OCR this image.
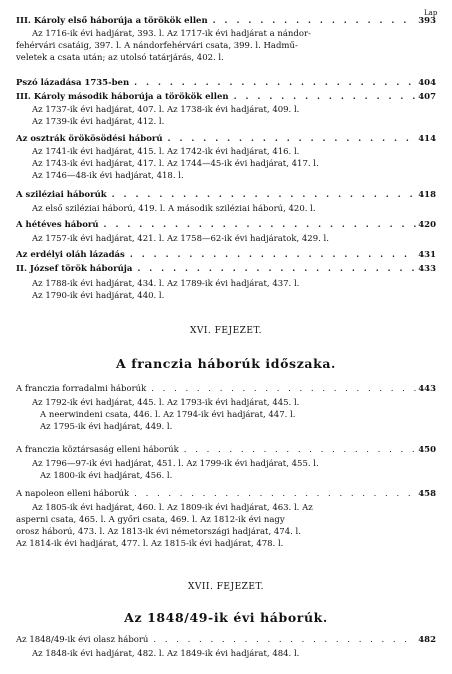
Lap
III. Károly első háborúja a törökök ellen . . .	393
Az 1716-ik évi hadjárat, 393. l. Az 1717-ik évi hadjárat a nándor-
fehérvári csatáig, 397. l. A nándorfehérvári csata, 399. l. Hadmű-
veletek a csata után; az utolsó tatárjárás, 402. l.
Pszó lázadása 1735-ben . . .	404
III. Károly második háborúja a törökök ellen . . .	407
Az 1737-ik évi hadjárat, 407. l. Az 1738-ik évi hadjárat, 409. l.
Az 1739-ik évi hadjárat, 412. l.
Az osztrák örökösödési háború . . .	414
Az 1741-ik évi hadjárat, 415. l. Az 1742-ik évi hadjárat, 416. l.
Az 1743-ik évi hadjárat, 417. l. Az 1744—45-ik évi hadjárat, 417. l.
Az 1746—48-ik évi hadjárat, 418. l.
A sziléziai háborúk . . .	418
Az első sziléziai háború, 419. l. A második sziléziai háború, 420. l.
A hétéves háború . . .	420
Az 1757-ik évi hadjárat, 421. l. Az 1758—62-ik évi hadjáratok, 429. l.
Az erdélyi oláh lázadás . . .	431
II. József török háborúja . . .	433
Az 1788-ik évi hadjárat, 434. l. Az 1789-ik évi hadjárat, 437. l.
Az 1790-ik évi hadjárat, 440. l.
XVI. FEJEZET.
A franczia háborúk időszaka.
A franczia forradalmi háborúk . . .	443
Az 1792-ik évi hadjárat, 445. l. Az 1793-ik évi hadjárat, 445. l.
A neerwindeni csata, 446. l. Az 1794-ik évi hadjárat, 447. l.
Az 1795-ik évi hadjárat, 449. l.
A franczia köztársaság elleni háborúk . . .	450
Az 1796—97-ik évi hadjárat, 451. l. Az 1799-ik évi hadjárat, 455. l.
Az 1800-ik évi hadjárat, 456. l.
A napoleon elleni háborúk . . .	458
Az 1805-ik évi hadjárat, 460. l. Az 1809-ik évi hadjárat, 463. l. Az
asperni csata, 465. l. A győri csata, 469. l. Az 1812-ik évi nagy
orosz háború, 473. l. Az 1813-ik évi németországi hadjárat, 474. l.
Az 1814-ik évi hadjárat, 477. l. Az 1815-ik évi hadjárat, 478. l.
XVII. FEJEZET.
Az 1848/49-ik évi háborúk.
Az 1848/49-ik évi olasz háború . . .	482
Az 1848-ik évi hadjárat, 482. l. Az 1849-ik évi hadjárat, 484. l.
